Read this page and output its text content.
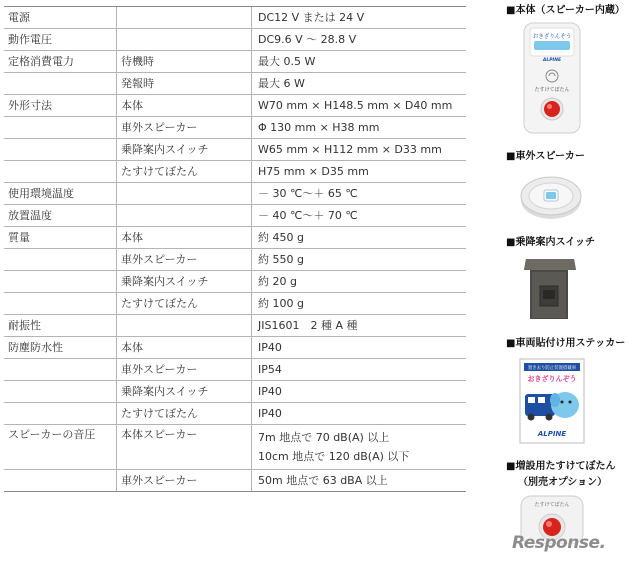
電源		DC12 V または 24 V
動作電圧		DC9.6 V ～ 28.8 V
定格消費電力	待機時	最大 0.5 W
	発報時	最大 6 W
外形寸法	本体	W70 mm × H148.5 mm × D40 mm
	車外スピーカー	Φ 130 mm × H38 mm
	乗降案内スイッチ	W65 mm × H112 mm × D33 mm
	たすけてぼたん	H75 mm × D35 mm
使用環境温度		－ 30 ℃～＋ 65 ℃
放置温度		－ 40 ℃～＋ 70 ℃
質量	本体	約 450 g
	車外スピーカー	約 550 g
	乗降案内スイッチ	約 20 g
	たすけてぼたん	約 100 g
耐振性		JIS1601　2 種 A 種
防塵防水性	本体	IP40
	車外スピーカー	IP54
	乗降案内スイッチ	IP40
	たすけてぼたん	IP40
スピーカーの音圧	本体スピーカー	7m 地点で 70 dB(A) 以上
10cm 地点で 120 dB(A) 以下

	車外スピーカー	50m 地点で 63 dBA 以上
■本体（スピーカー内蔵）
おきざりんぞう
ALPINE
たすけてぼたん
■車外スピーカー
■乗降案内スイッチ
■車両貼付け用ステッカー
置き去り防止装置搭載車
おきざりんぞう
ALPINE
■増設用たすけてぼたん
（別売オプション）
たすけてぼたん
Response.
